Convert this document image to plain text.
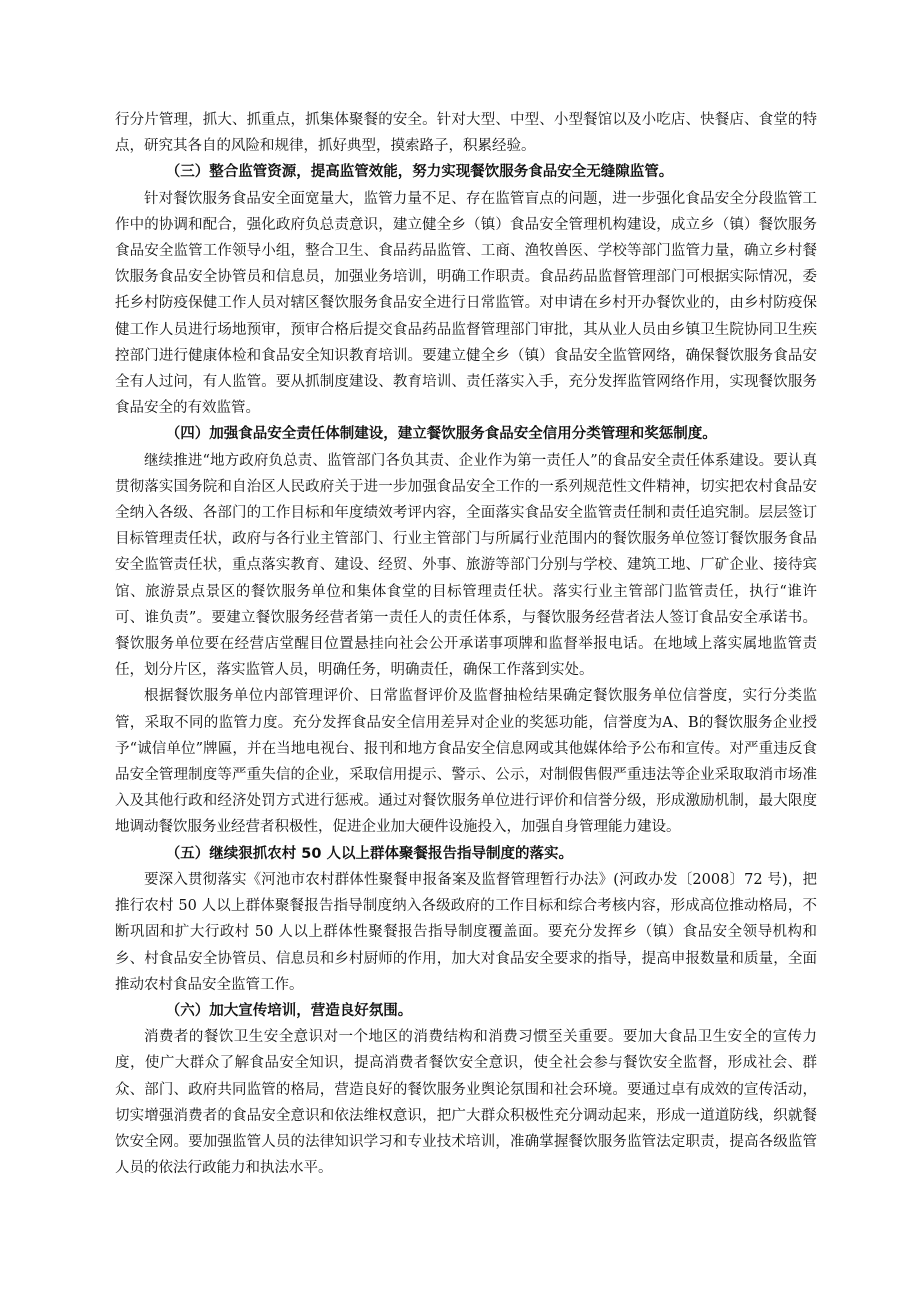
行分片管理，抓大、抓重点，抓集体聚餐的安全。针对大型、中型、小型餐馆以及小吃店、快餐店、食堂的特点，研究其各自的风险和规律，抓好典型，摸索路子，积累经验。

（三）整合监管资源，提高监管效能，努力实现餐饮服务食品安全无缝隙监管。

针对餐饮服务食品安全面宽量大，监管力量不足、存在监管盲点的问题，进一步强化食品安全分段监管工作中的协调和配合，强化政府负总责意识，建立健全乡（镇）食品安全管理机构建设，成立乡（镇）餐饮服务食品安全监管工作领导小组，整合卫生、食品药品监管、工商、渔牧兽医、学校等部门监管力量，确立乡村餐饮服务食品安全协管员和信息员，加强业务培训，明确工作职责。食品药品监督管理部门可根据实际情况，委托乡村防疫保健工作人员对辖区餐饮服务食品安全进行日常监管。对申请在乡村开办餐饮业的，由乡村防疫保健工作人员进行场地预审，预审合格后提交食品药品监督管理部门审批，其从业人员由乡镇卫生院协同卫生疾控部门进行健康体检和食品安全知识教育培训。要建立健全乡（镇）食品安全监管网络，确保餐饮服务食品安全有人过问，有人监管。要从抓制度建设、教育培训、责任落实入手，充分发挥监管网络作用，实现餐饮服务食品安全的有效监管。

（四）加强食品安全责任体制建设，建立餐饮服务食品安全信用分类管理和奖惩制度。

继续推进“地方政府负总责、监管部门各负其责、企业作为第一责任人”的食品安全责任体系建设。要认真贯彻落实国务院和自治区人民政府关于进一步加强食品安全工作的一系列规范性文件精神，切实把农村食品安全纳入各级、各部门的工作目标和年度绩效考评内容，全面落实食品安全监管责任制和责任追究制。层层签订目标管理责任状，政府与各行业主管部门、行业主管部门与所属行业范围内的餐饮服务单位签订餐饮服务食品安全监管责任状，重点落实教育、建设、经贸、外事、旅游等部门分别与学校、建筑工地、厂矿企业、接待宾馆、旅游景点景区的餐饮服务单位和集体食堂的目标管理责任状。落实行业主管部门监管责任，执行“谁许可、谁负责”。要建立餐饮服务经营者第一责任人的责任体系，与餐饮服务经营者法人签订食品安全承诺书。餐饮服务单位要在经营店堂醒目位置悬挂向社会公开承诺事项牌和监督举报电话。在地域上落实属地监管责任，划分片区，落实监管人员，明确任务，明确责任，确保工作落到实处。

根据餐饮服务单位内部管理评价、日常监督评价及监督抽检结果确定餐饮服务单位信誉度，实行分类监管，采取不同的监管力度。充分发挥食品安全信用差异对企业的奖惩功能，信誉度为A、B的餐饮服务企业授予“诚信单位”牌匾，并在当地电视台、报刊和地方食品安全信息网或其他媒体给予公布和宣传。对严重违反食品安全管理制度等严重失信的企业，采取信用提示、警示、公示，对制假售假严重违法等企业采取取消市场准入及其他行政和经济处罚方式进行惩戒。通过对餐饮服务单位进行评价和信誉分级，形成激励机制，最大限度地调动餐饮服务业经营者积极性，促进企业加大硬件设施投入，加强自身管理能力建设。

（五）继续狠抓农村 50 人以上群体聚餐报告指导制度的落实。

要深入贯彻落实《河池市农村群体性聚餐申报备案及监督管理暂行办法》(河政办发〔2008〕72 号)，把推行农村 50 人以上群体聚餐报告指导制度纳入各级政府的工作目标和综合考核内容，形成高位推动格局，不断巩固和扩大行政村 50 人以上群体性聚餐报告指导制度覆盖面。要充分发挥乡（镇）食品安全领导机构和乡、村食品安全协管员、信息员和乡村厨师的作用，加大对食品安全要求的指导，提高申报数量和质量，全面推动农村食品安全监管工作。

（六）加大宣传培训，营造良好氛围。

消费者的餐饮卫生安全意识对一个地区的消费结构和消费习惯至关重要。要加大食品卫生安全的宣传力度，使广大群众了解食品安全知识，提高消费者餐饮安全意识，使全社会参与餐饮安全监督，形成社会、群众、部门、政府共同监管的格局，营造良好的餐饮服务业舆论氛围和社会环境。要通过卓有成效的宣传活动，切实增强消费者的食品安全意识和依法维权意识，把广大群众积极性充分调动起来，形成一道道防线，织就餐饮安全网。要加强监管人员的法律知识学习和专业技术培训，准确掌握餐饮服务监管法定职责，提高各级监管人员的依法行政能力和执法水平。
